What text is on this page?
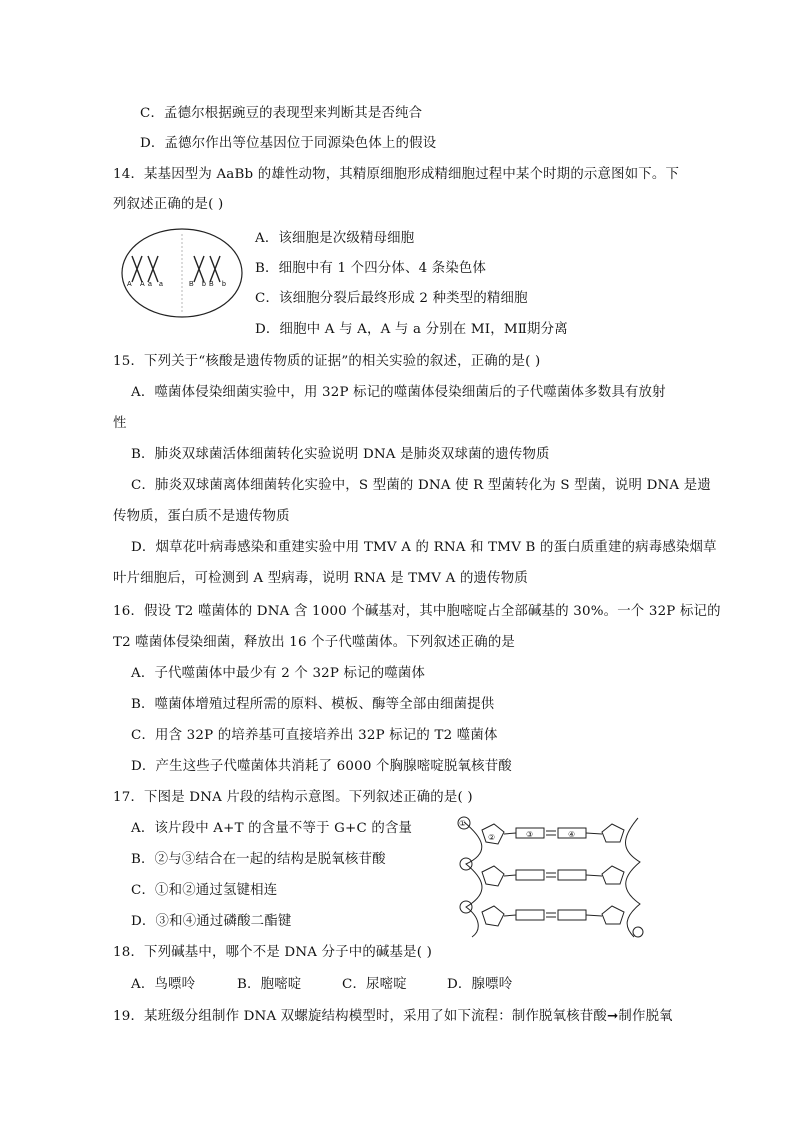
C．孟德尔根据豌豆的表现型来判断其是否纯合
D．孟德尔作出等位基因位于同源染色体上的假设
14．某基因型为 AaBb 的雄性动物，其精原细胞形成精细胞过程中某个时期的示意图如下。下
列叙述正确的是( )
A A a a	B b B b
A．该细胞是次级精母细胞
B．细胞中有 1 个四分体、4 条染色体
C．该细胞分裂后最终形成 2 种类型的精细胞
D．细胞中 A 与 A，A 与 a 分别在 MⅠ，MⅡ期分离
15．下列关于“核酸是遗传物质的证据”的相关实验的叙述，正确的是( )
A．噬菌体侵染细菌实验中，用 32P 标记的噬菌体侵染细菌后的子代噬菌体多数具有放射
性
B．肺炎双球菌活体细菌转化实验说明 DNA 是肺炎双球菌的遗传物质
C．肺炎双球菌离体细菌转化实验中，S 型菌的 DNA 使 R 型菌转化为 S 型菌，说明 DNA 是遗
传物质，蛋白质不是遗传物质
D．烟草花叶病毒感染和重建实验中用 TMV A 的 RNA 和 TMV B 的蛋白质重建的病毒感染烟草
叶片细胞后，可检测到 A 型病毒，说明 RNA 是 TMV A 的遗传物质
16．假设 T2 噬菌体的 DNA 含 1000 个碱基对，其中胞嘧啶占全部碱基的 30%。一个 32P 标记的
T2 噬菌体侵染细菌，释放出 16 个子代噬菌体。下列叙述正确的是
A．子代噬菌体中最少有 2 个 32P 标记的噬菌体
B．噬菌体增殖过程所需的原料、模板、酶等全部由细菌提供
C．用含 32P 的培养基可直接培养出 32P 标记的 T2 噬菌体
D．产生这些子代噬菌体共消耗了 6000 个胸腺嘧啶脱氧核苷酸
17．下图是 DNA 片段的结构示意图。下列叙述正确的是( )
A．该片段中 A+T 的含量不等于 G+C 的含量
B．②与③结合在一起的结构是脱氧核苷酸
C．①和②通过氢键相连
D．③和④通过磷酸二酯键
①
②	③	④
18．下列碱基中，哪个不是 DNA 分子中的碱基是( )
A．鸟嘌呤	B．胞嘧啶	C．尿嘧啶	D．腺嘌呤
19．某班级分组制作 DNA 双螺旋结构模型时，采用了如下流程：制作脱氧核苷酸➞制作脱氧
